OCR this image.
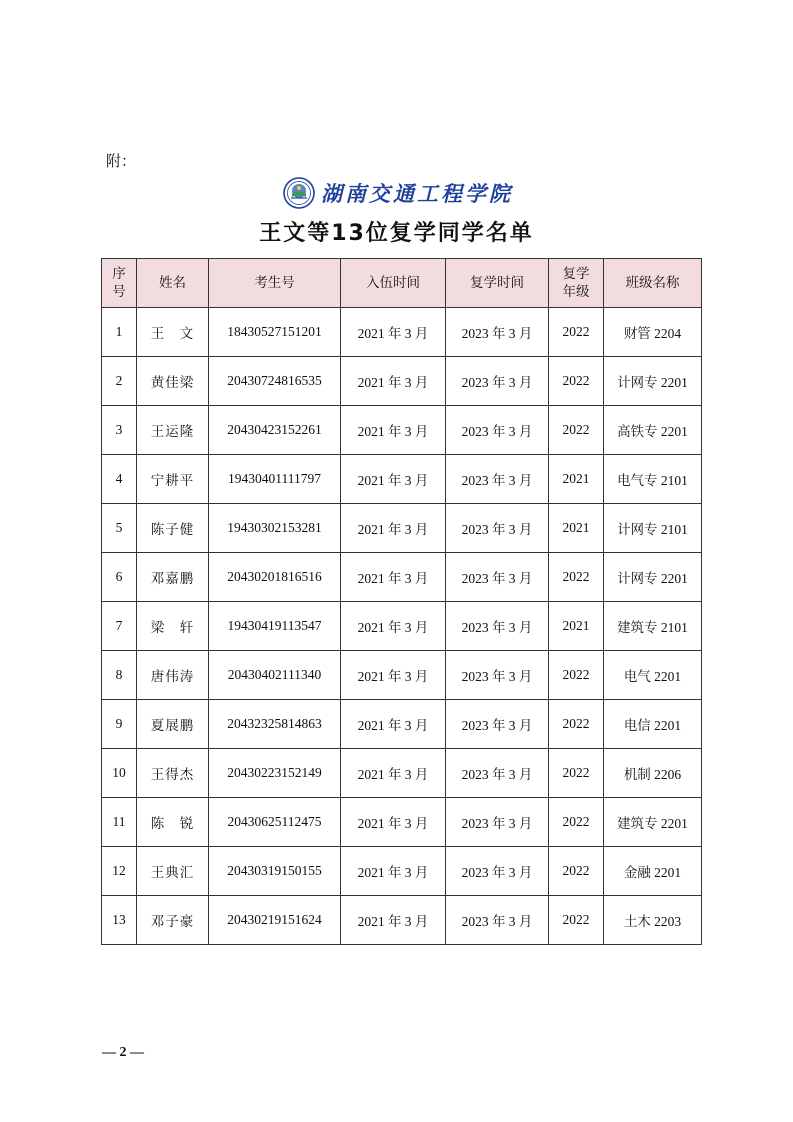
附：
湖南交通工程学院
王文等13位复学同学名单
序号	姓名	考生号	入伍时间	复学时间	复学年级	班级名称
1	王　文	18430527151201	2021 年 3 月	2023 年 3 月	2022	财管 2204
2	黄佳梁	20430724816535	2021 年 3 月	2023 年 3 月	2022	计网专 2201
3	王运隆	20430423152261	2021 年 3 月	2023 年 3 月	2022	高铁专 2201
4	宁耕平	19430401111797	2021 年 3 月	2023 年 3 月	2021	电气专 2101
5	陈子健	19430302153281	2021 年 3 月	2023 年 3 月	2021	计网专 2101
6	邓嘉鹏	20430201816516	2021 年 3 月	2023 年 3 月	2022	计网专 2201
7	梁　轩	19430419113547	2021 年 3 月	2023 年 3 月	2021	建筑专 2101
8	唐伟涛	20430402111340	2021 年 3 月	2023 年 3 月	2022	电气 2201
9	夏展鹏	20432325814863	2021 年 3 月	2023 年 3 月	2022	电信 2201
10	王得杰	20430223152149	2021 年 3 月	2023 年 3 月	2022	机制 2206
11	陈　锐	20430625112475	2021 年 3 月	2023 年 3 月	2022	建筑专 2201
12	王典汇	20430319150155	2021 年 3 月	2023 年 3 月	2022	金融 2201
13	邓子豪	20430219151624	2021 年 3 月	2023 年 3 月	2022	土木 2203
— 2 —
